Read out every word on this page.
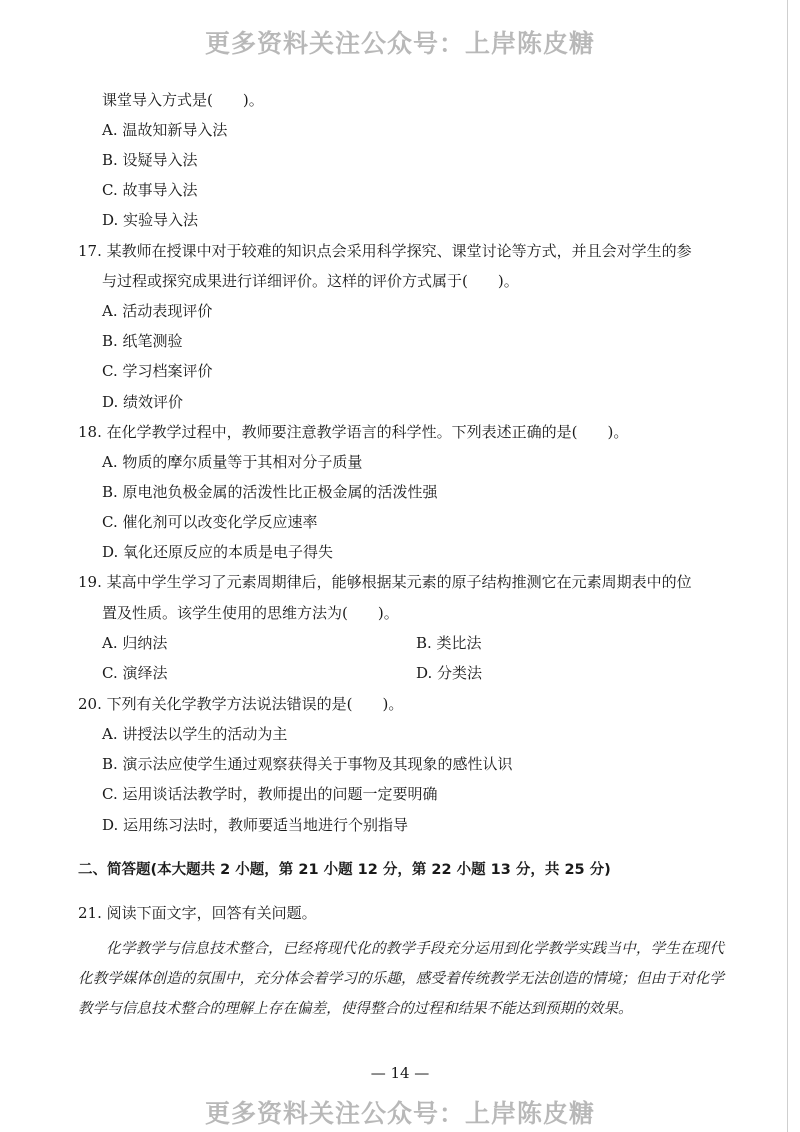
更多资料关注公众号：上岸陈皮糖
课堂导入方式是(　　)。
A. 温故知新导入法
B. 设疑导入法
C. 故事导入法
D. 实验导入法
17. 某教师在授课中对于较难的知识点会采用科学探究、课堂讨论等方式，并且会对学生的参
与过程或探究成果进行详细评价。这样的评价方式属于(　　)。
A. 活动表现评价
B. 纸笔测验
C. 学习档案评价
D. 绩效评价
18. 在化学教学过程中，教师要注意教学语言的科学性。下列表述正确的是(　　)。
A. 物质的摩尔质量等于其相对分子质量
B. 原电池负极金属的活泼性比正极金属的活泼性强
C. 催化剂可以改变化学反应速率
D. 氧化还原反应的本质是电子得失
19. 某高中学生学习了元素周期律后，能够根据某元素的原子结构推测它在元素周期表中的位
置及性质。该学生使用的思维方法为(　　)。
A. 归纳法	B. 类比法
C. 演绎法	D. 分类法
20. 下列有关化学教学方法说法错误的是(　　)。
A. 讲授法以学生的活动为主
B. 演示法应使学生通过观察获得关于事物及其现象的感性认识
C. 运用谈话法教学时，教师提出的问题一定要明确
D. 运用练习法时，教师要适当地进行个别指导
二、简答题(本大题共 2 小题，第 21 小题 12 分，第 22 小题 13 分，共 25 分)
21. 阅读下面文字，回答有关问题。
化学教学与信息技术整合，已经将现代化的教学手段充分运用到化学教学实践当中，学生在现代化教学媒体创造的氛围中，充分体会着学习的乐趣，感受着传统教学无法创造的情境；但由于对化学教学与信息技术整合的理解上存在偏差，使得整合的过程和结果不能达到预期的效果。
— 14 —
更多资料关注公众号：上岸陈皮糖
